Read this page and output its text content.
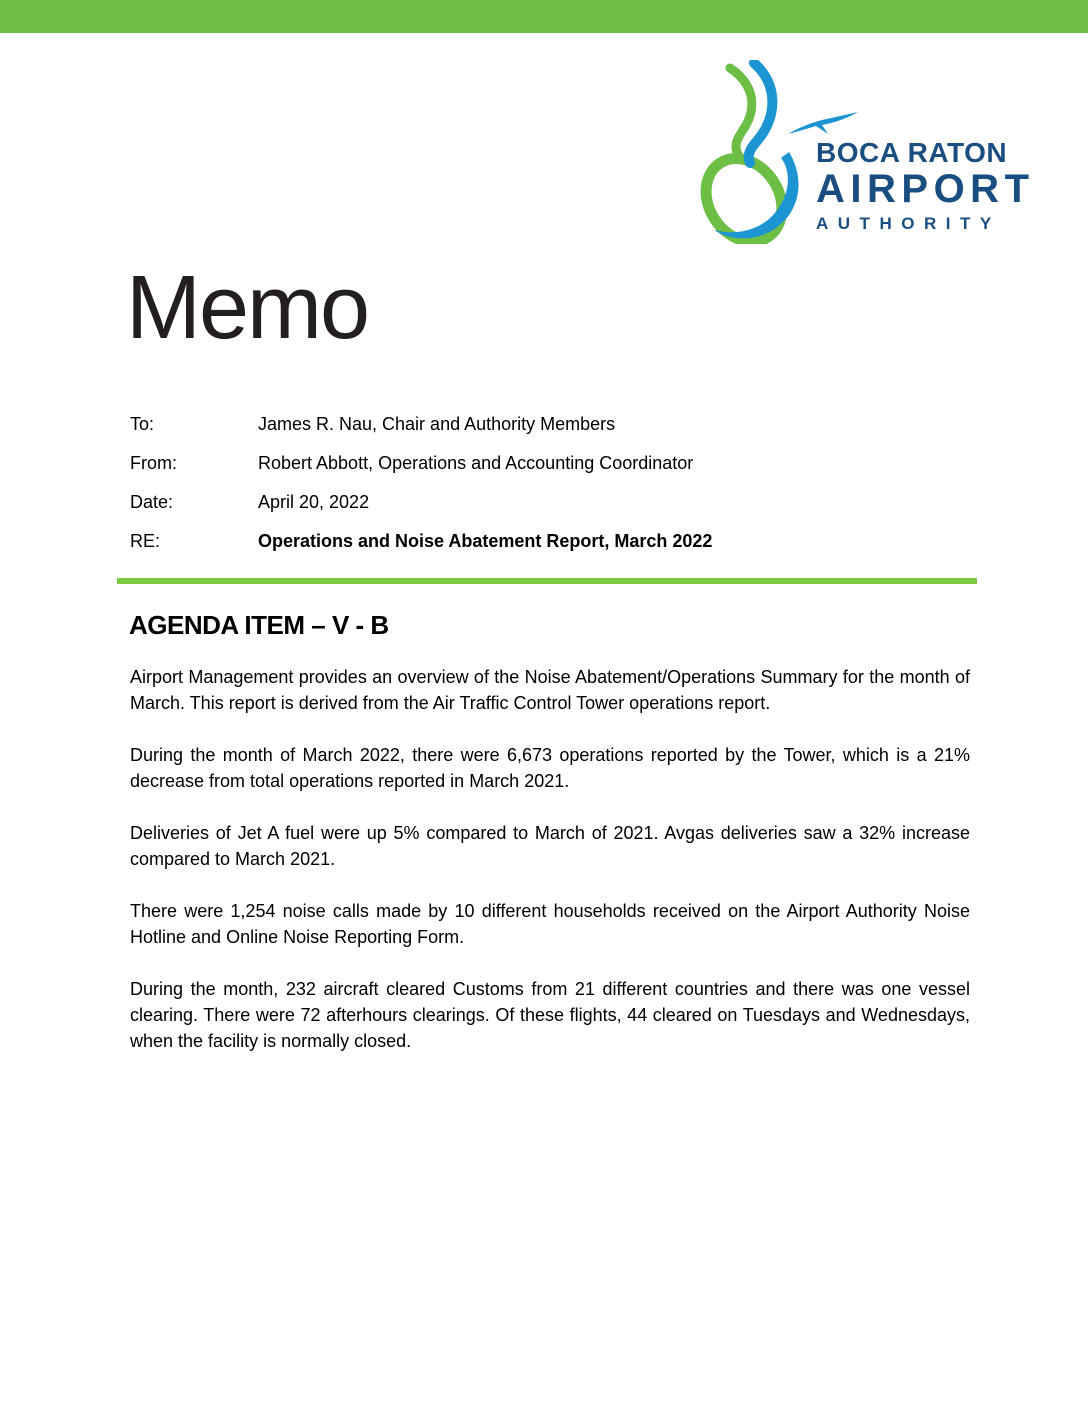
BOCA RATON
AIRPORT
AUTHORITY
Memo
To:	James R. Nau, Chair and Authority Members
From:	Robert Abbott, Operations and Accounting Coordinator
Date:	April 20, 2022
RE:	Operations and Noise Abatement Report, March 2022
AGENDA ITEM – V - B

Airport Management provides an overview of the Noise Abatement/Operations Summary for the month of March. This report is derived from the Air Traffic Control Tower operations report.

During the month of March 2022, there were 6,673 operations reported by the Tower, which is a 21% decrease from total operations reported in March 2021.

Deliveries of Jet A fuel were up 5% compared to March of 2021. Avgas deliveries saw a 32% increase compared to March 2021.

There were 1,254 noise calls made by 10 different households received on the Airport Authority Noise Hotline and Online Noise Reporting Form.

During the month, 232 aircraft cleared Customs from 21 different countries and there was one vessel clearing. There were 72 afterhours clearings. Of these flights, 44 cleared on Tuesdays and Wednesdays, when the facility is normally closed.
